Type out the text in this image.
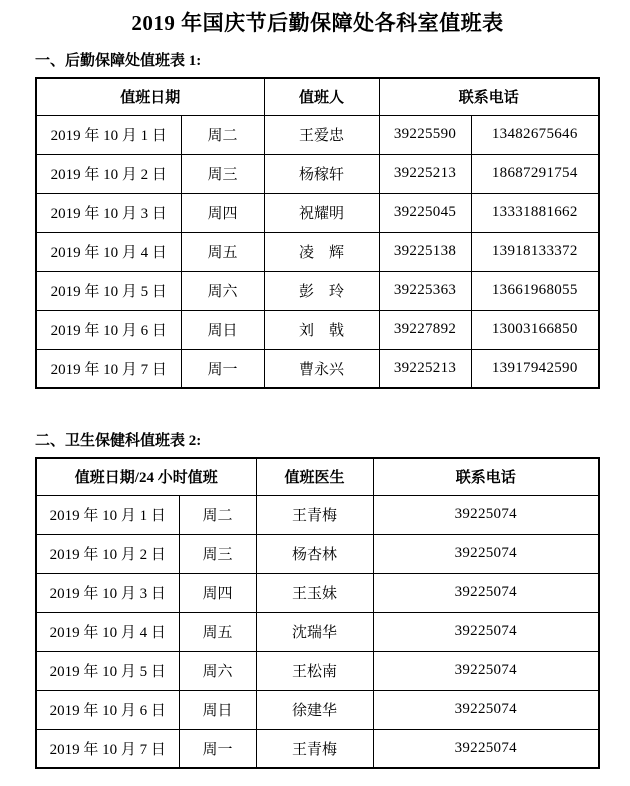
2019 年国庆节后勤保障处各科室值班表
一、后勤保障处值班表 1:
值班日期		值班人	联系电话	
2019 年 10 月 1 日	周二	王爱忠	39225590	13482675646
2019 年 10 月 2 日	周三	杨稼轩	39225213	18687291754
2019 年 10 月 3 日	周四	祝耀明	39225045	13331881662
2019 年 10 月 4 日	周五	凌　辉	39225138	13918133372
2019 年 10 月 5 日	周六	彭　玲	39225363	13661968055
2019 年 10 月 6 日	周日	刘　戟	39227892	13003166850
2019 年 10 月 7 日	周一	曹永兴	39225213	13917942590
二、卫生保健科值班表 2:
值班日期/24 小时值班		值班医生	联系电话
2019 年 10 月 1 日	周二	王青梅	39225074
2019 年 10 月 2 日	周三	杨杏林	39225074
2019 年 10 月 3 日	周四	王玉妹	39225074
2019 年 10 月 4 日	周五	沈瑞华	39225074
2019 年 10 月 5 日	周六	王松南	39225074
2019 年 10 月 6 日	周日	徐建华	39225074
2019 年 10 月 7 日	周一	王青梅	39225074
